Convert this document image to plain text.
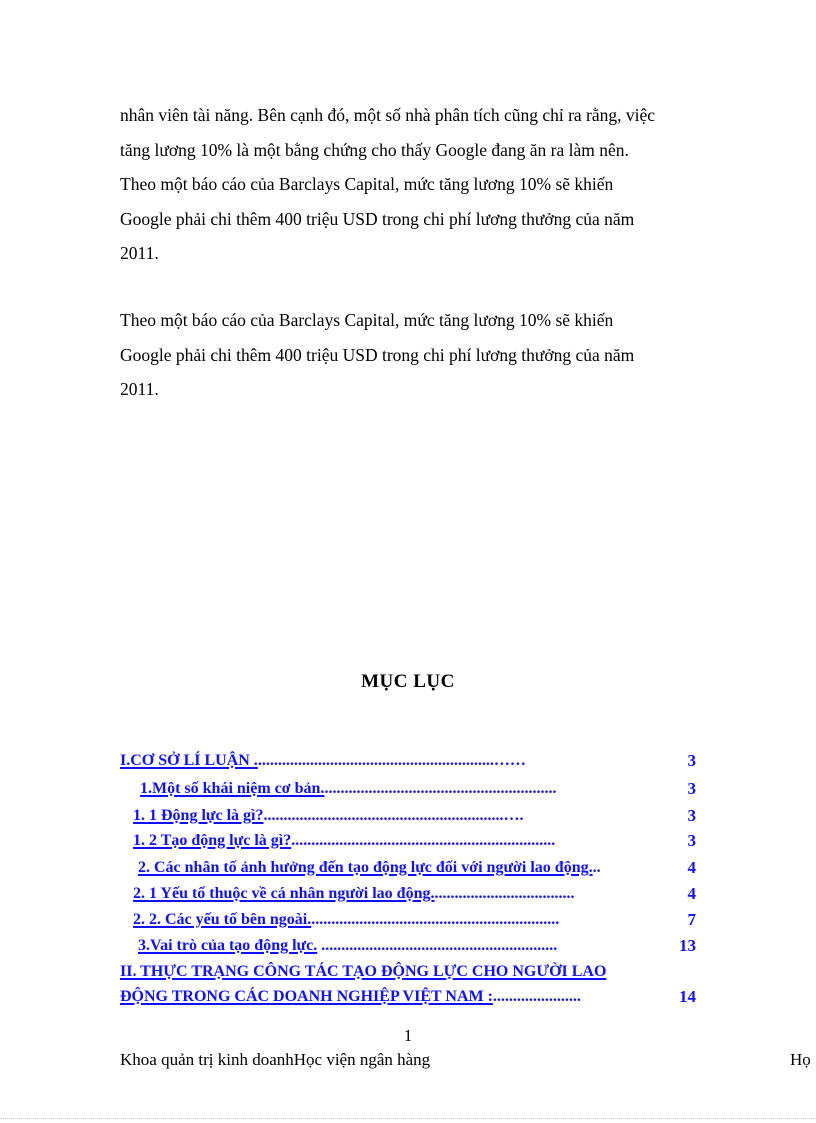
nhân viên tài năng. Bên cạnh đó, một số nhà phân tích cũng chỉ ra rằng, việc
tăng lương 10% là một bằng chứng cho thấy Google đang ăn ra làm nên.
Theo một báo cáo của Barclays Capital, mức tăng lương 10% sẽ khiến
Google phải chi thêm 400 triệu USD trong chi phí lương thưởng của năm
2011.
Theo một báo cáo của Barclays Capital, mức tăng lương 10% sẽ khiến
Google phải chi thêm 400 triệu USD trong chi phí lương thưởng của năm
2011.
MỤC LỤC
I.CƠ SỞ LÍ LUẬN ............................................................……	3
1.Một số khái niệm cơ bản...........................................................	3
1. 1 Động lực là gì?............................................................….	3
1. 2 Tạo động lực là gì?..................................................................	3
2. Các nhân tố ảnh hưởng đến tạo động lực đối với người lao động...	4
2. 1 Yếu tố thuộc về cá nhân người lao động....................................	4
2. 2. Các yếu tố bên ngoài...............................................................	7
3.Vai trò của tạo động lực. ...........................................................	13
II. THỰC TRẠNG CÔNG TÁC TẠO ĐỘNG LỰC CHO NGƯỜI LAO
ĐỘNG TRONG CÁC DOANH NGHIỆP VIỆT NAM :......................	14
1
Khoa quản trị kinh doanhHọc viện ngân hàng	Họ
